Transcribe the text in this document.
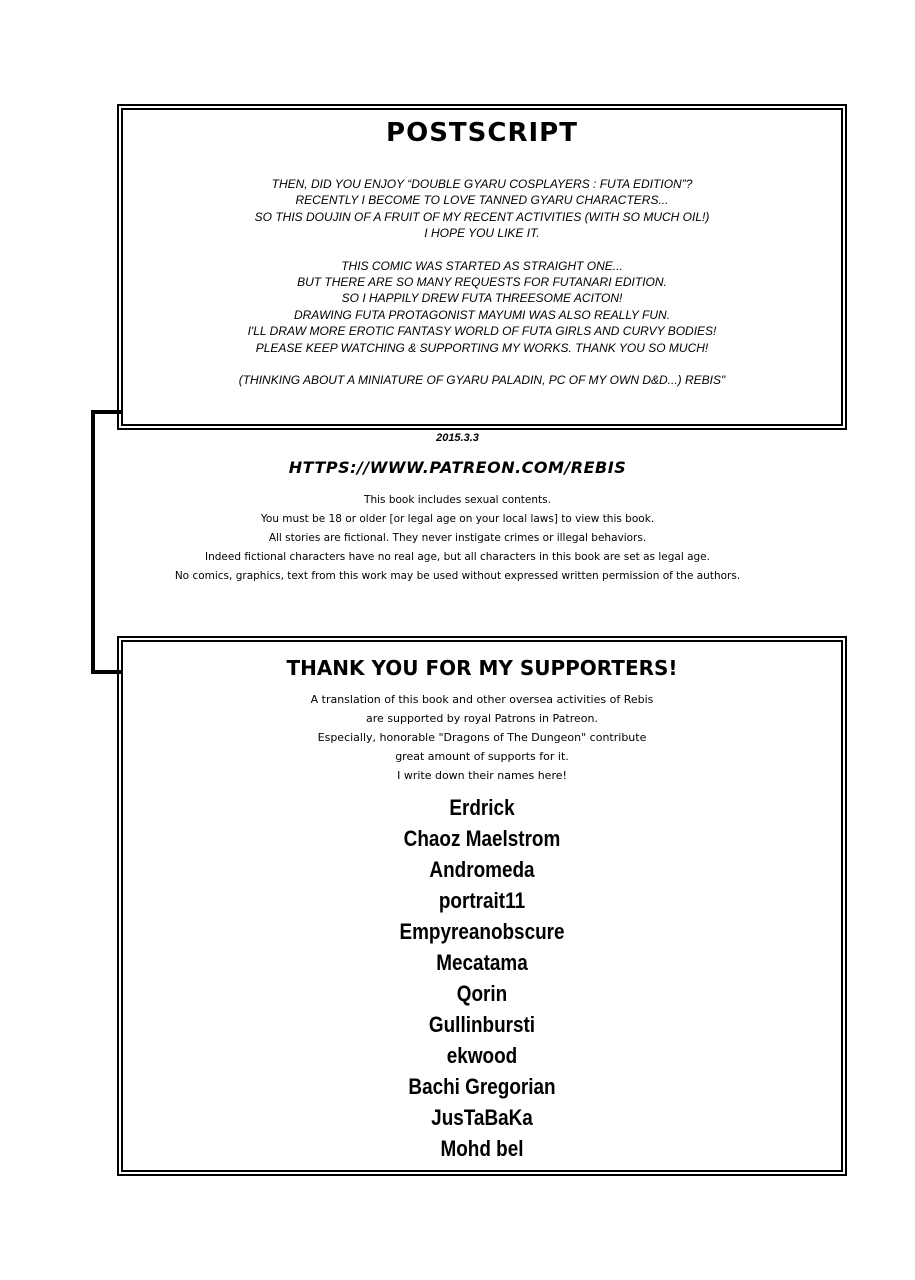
POSTSCRIPT
THEN, DID YOU ENJOY “DOUBLE GYARU COSPLAYERS : FUTA EDITION”?
RECENTLY I BECOME TO LOVE TANNED GYARU CHARACTERS...
SO THIS DOUJIN OF A FRUIT OF MY RECENT ACTIVITIES (WITH SO MUCH OIL!)
I HOPE YOU LIKE IT.
THIS COMIC WAS STARTED AS STRAIGHT ONE...
BUT THERE ARE SO MANY REQUESTS FOR FUTANARI EDITION.
SO I HAPPILY DREW FUTA THREESOME ACITON!
DRAWING FUTA PROTAGONIST MAYUMI WAS ALSO REALLY FUN.
I'LL DRAW MORE EROTIC FANTASY WORLD OF FUTA GIRLS AND CURVY BODIES!
PLEASE KEEP WATCHING & SUPPORTING MY WORKS. THANK YOU SO MUCH!
(THINKING ABOUT A MINIATURE OF GYARU PALADIN, PC OF MY OWN D&D...) REBIS"
2015.3.3
HTTPS://WWW.PATREON.COM/REBIS
This book includes sexual contents.
You must be 18 or older [or legal age on your local laws] to view this book.
All stories are fictional. They never instigate crimes or illegal behaviors.
Indeed fictional characters have no real age, but all characters in this book are set as legal age.
No comics, graphics, text from this work may be used without expressed written permission of the authors.
THANK YOU FOR MY SUPPORTERS!
A translation of this book and other oversea activities of Rebis
are supported by royal Patrons in Patreon.
Especially, honorable "Dragons of The Dungeon" contribute
great amount of supports for it.
I write down their names here!
Erdrick
Chaoz Maelstrom
Andromeda
portrait11
Empyreanobscure
Mecatama
Qorin
Gullinbursti
ekwood
Bachi Gregorian
JusTaBaKa
Mohd bel
